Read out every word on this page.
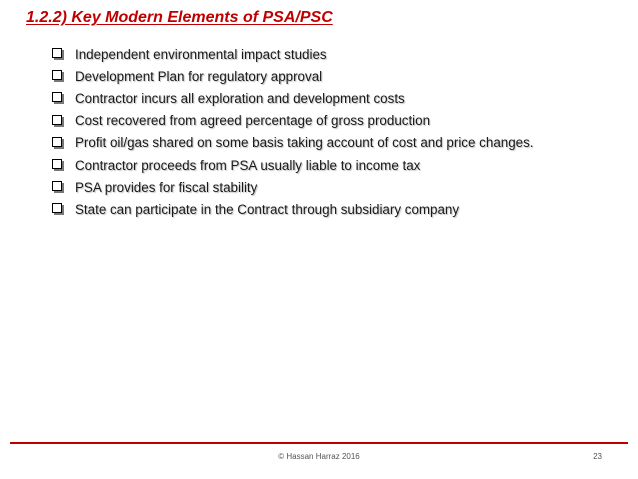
1.2.2) Key Modern Elements of PSA/PSC
Independent environmental impact studies
Development Plan for regulatory approval
Contractor incurs all exploration and development costs
Cost recovered from agreed percentage of gross production
Profit oil/gas shared on some basis taking account of cost and price changes.
Contractor proceeds from PSA usually liable to income tax
PSA provides for fiscal stability
State can participate in the Contract through subsidiary company
© Hassan Harraz 2016	23
